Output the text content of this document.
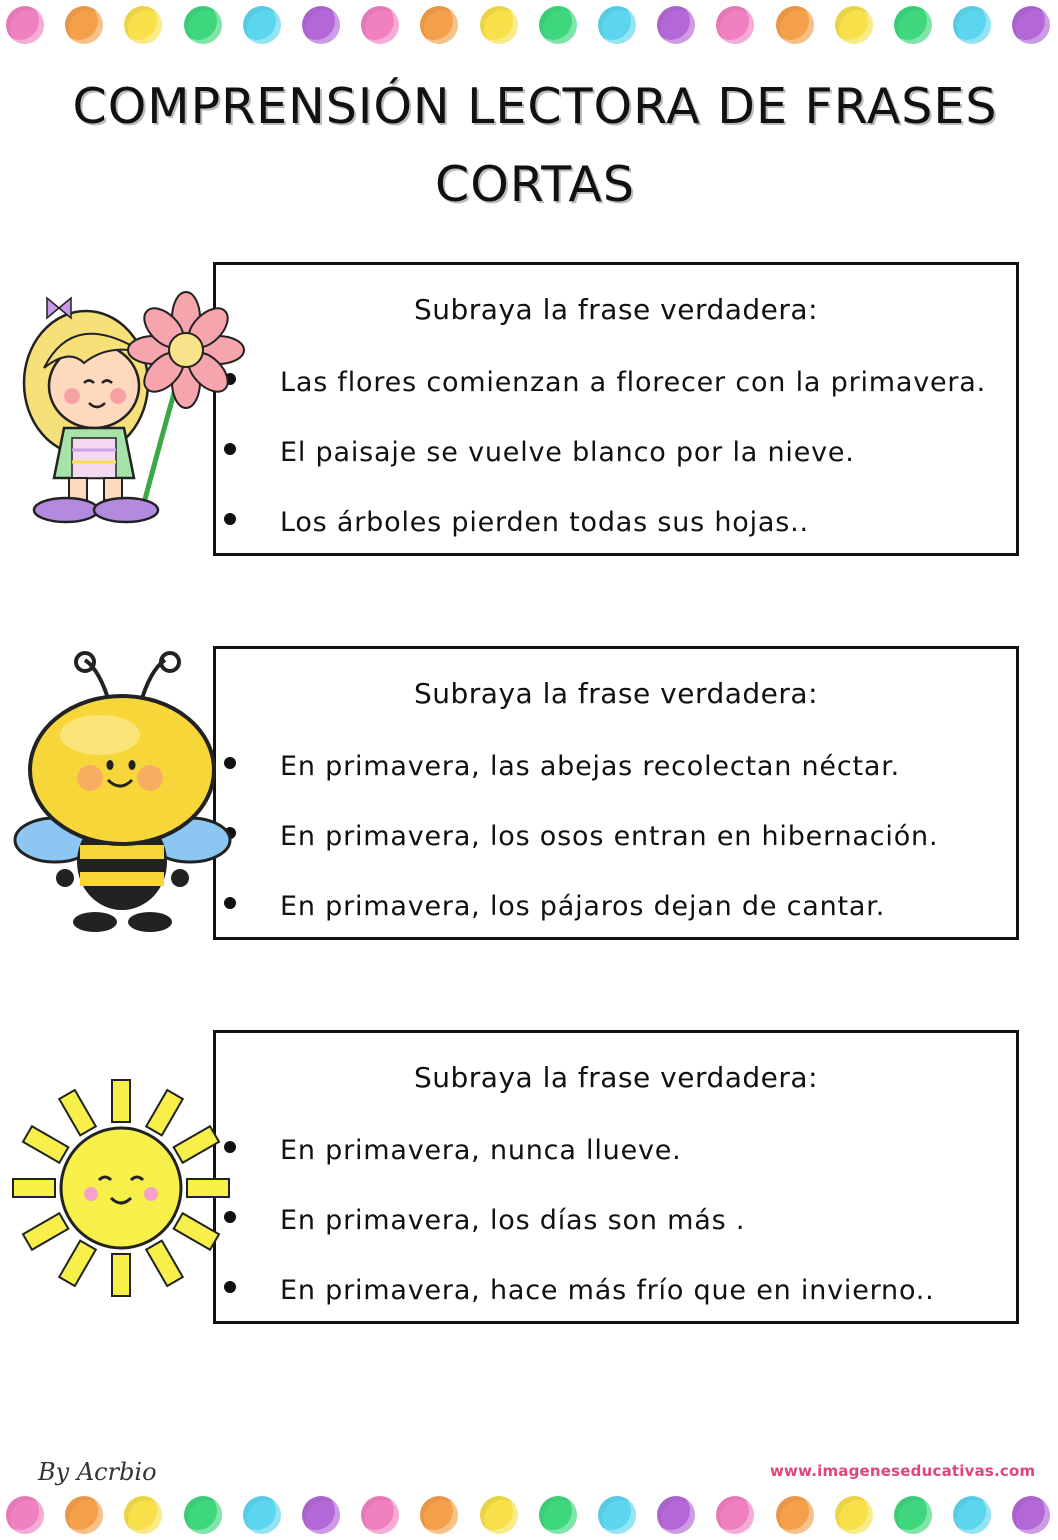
COMPRENSIÓN LECTORA DE FRASES
CORTAS
Subraya la frase verdadera:
Las flores comienzan a florecer con la primavera.
El paisaje se vuelve blanco por la nieve.
Los árboles pierden todas sus hojas..
Subraya la frase verdadera:
En primavera, las abejas recolectan néctar.
En primavera, los osos entran en hibernación.
En primavera, los pájaros dejan de cantar.
Subraya la frase verdadera:
En primavera, nunca llueve.
En primavera, los días son más .
En primavera, hace más frío que en invierno..
By Acrbio	www.imageneseducativas.com
